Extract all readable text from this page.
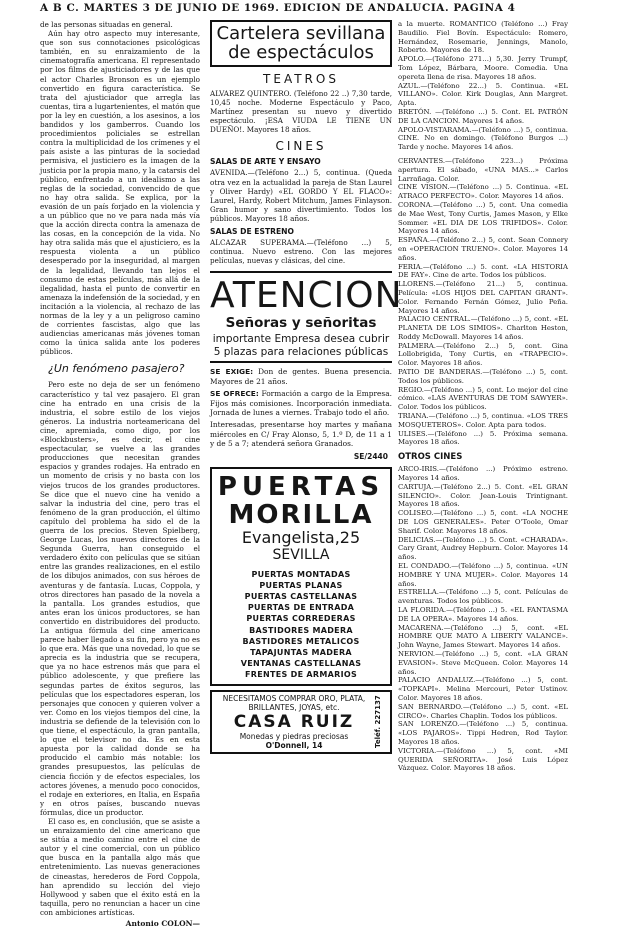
A B C. MARTES 3 DE JUNIO DE 1969. EDICION DE ANDALUCIA. PAGINA 4

de las personas situadas en general.

Aún hay otro aspecto muy interesante, que son sus connotaciones psicológicas también, en su enraizamiento de la cinematografía americana. El representado por los films de ajusticiadores y de las que el actor Charles Bronson es un ejemplo convertido en figura característica. Se trata del ajusticiador que arregla las cuentas, tira a lugartenientes, el matón que por la ley en cuestión, a los asesinos, a los bandidos y los gamberros. Cuando los procedimientos policiales se estrellan contra la multiplicidad de los crímenes y el país asiste a las pinturas de la sociedad permisiva, el justiciero es la imagen de la justicia por la propia mano, y la catarsis del público, enfrentado a un idealismo a las reglas de la sociedad, convencido de que no hay otra salida. Se explica, por la evasión de un país forjado en la violencia y a un público que no ve para nada más vía que la acción directa contra la amenaza de las cosas, en la concepción de la vida. No hay otra salida más que el ajusticiero, es la respuesta violenta a un público desesperado por la inseguridad, al margen de la legalidad, llevando tan lejos el consumo de estas películas, más allá de la ilegalidad, hasta el punto de convertir en amenaza la indefensión de la sociedad, y en incitación a la violencia, al rechazo de las normas de la ley y a un peligroso camino de corrientes fascistas, algo que las audiencias americanas más jóvenes toman como la única salida ante los poderes públicos.

¿Un fenómeno pasajero?

Pero este no deja de ser un fenómeno característico y tal vez pasajero. El gran cine ha entrado en una crisis de la industria, el sobre estilo de los viejos géneros. La industria norteamericana del cine, apremiada, como digo, por los «Blockbusters», es decir, el cine espectacular, se vuelve a las grandes producciones que necesitan grandes espacios y grandes rodajes. Ha entrado en un momento de crisis y no basta con los viejos trucos de los grandes productores. Se dice que el nuevo cine ha venido a salvar la industria del cine, pero tras el fenómeno de la gran producción, el último capítulo del problema ha sido el de la guerra de los precios. Steven Spielberg, George Lucas, los nuevos directores de la Segunda Guerra, han conseguido el verdadero éxito con películas que se sitúan entre las grandes realizaciones, en el estilo de los dibujos animados, con sus héroes de aventuras y de fantasía. Lucas, Coppola, y otros directores han pasado de la novela a la pantalla. Los grandes estudios, que antes eran los únicos productores, se han convertido en distribuidores del producto. La antigua fórmula del cine americano parece haber llegado a su fin, pero ya no es lo que era. Más que una novedad, lo que se aprecia es la industria que se recupera, que ya no hace estrenos más que para el público adolescente, y que prefiere las segundas partes de éxitos seguros, las películas que los espectadores esperan, los personajes que conocen y quieren volver a ver. Como en los viejos tiempos del cine, la industria se defiende de la televisión con lo que tiene, el espectáculo, la gran pantalla, lo que el televisor no da. Es en esta apuesta por la calidad donde se ha producido el cambio más notable: los grandes presupuestos, las películas de ciencia ficción y de efectos especiales, los actores jóvenes, a menudo poco conocidos, el rodaje en exteriores, en Italia, en España y en otros países, buscando nuevas fórmulas, dice un productor.

El caso es, en conclusión, que se asiste a un enraizamiento del cine americano que se sitúa a medio camino entre el cine de autor y el cine comercial, con un público que busca en la pantalla algo más que entretenimiento. Las nuevas generaciones de cineastas, herederos de Ford Coppola, han aprendido su lección del viejo Hollywood y saben que el éxito está en la taquilla, pero no renuncian a hacer un cine con ambiciones artísticas.

Antonio COLON—
Cartelera sevillana de espectáculos
TEATROS

ALVAREZ QUINTERO. (Teléfono 22 ..) 7,30 tarde, 10,45 noche. Moderne Espectáculo y Paco, Martínez presentan su nuevo y divertido espectáculo. ¡ESA VIUDA LE TIENE UN DUEÑO!. Mayores 18 años.

CINES
SALAS DE ARTE Y ENSAYO

AVENIDA.—(Teléfono 2...) 5, continua. (Queda otra vez en la actualidad la pareja de Stan Laurel y Oliver Hardy) «EL GORDO Y EL FLACO»: Laurel, Hardy, Robert Mitchum, James Finlayson. Gran humor y sano divertimiento. Todos los públicos. Mayores 18 años.

SALAS DE ESTRENO

ALCAZAR SUPERAMA.—(Teléfono ...) 5, continua. Nuevo estreno. Con las mejores películas, nuevas y clásicas, del cine.

ATENCION
Señoras y señoritas
importante Empresa desea cubrir 5 plazas para relaciones públicas

SE EXIGE: Don de gentes. Buena presencia. Mayores de 21 años.

SE OFRECE: Formación a cargo de la Empresa. Fijos más comisiones. Incorporación inmediata. Jornada de lunes a viernes. Trabajo todo el año.

Interesadas, presentarse hoy martes y mañana miércoles en C/ Fray Alonso, 5, 1.º D, de 11 a 1 y de 5 a 7; atenderá señora Granados.

SE/2440
PUERTAS
MORILLA
Evangelista,25
SEVILLA
PUERTAS MONTADAS
PUERTAS PLANAS
PUERTAS CASTELLANAS
PUERTAS DE ENTRADA
PUERTAS CORREDERAS
BASTIDORES MADERA
BASTIDORES METALICOS
TAPAJUNTAS MADERA
VENTANAS CASTELLANAS
FRENTES DE ARMARIOS
NECESITAMOS COMPRAR ORO, PLATA, BRILLANTES, JOYAS, etc.
CASA RUIZ
Monedas y piedras preciosas
O'Donnell, 14	Teléf. 227137

a la muerte. ROMANTICO (Teléfono ...) Fray Baudilio. Fiel Bovín. Espectáculo: Romero, Hernández, Rosemarie, Jennings, Manolo, Roberto. Mayores de 18.
APOLO.—(Teléfono 271...) 5,30. Jerry Trumpf, Tom López, Bárbara, Moore. Comedia. Una opereta llena de risa. Mayores 18 años.
AZUL.—(Teléfono 22...) 5. Continua. «EL VILLANO». Color. Kirk Douglas, Ann Margret. Apta.
BRETÓN. —(Teléfono ...) 5. Cont. EL PATRÓN DE LA CANCION. Mayores 14 años.
APOLO-VISTARAMA.—(Teléfono ...) 5, continua. CINE. No en domingo. (Teléfono Burgos ...) Tarde y noche. Mayores 14 años.

CERVANTES.—(Teléfono 223...) Próxima apertura. El sábado, «UNA MAS...» Carlos Larrañaga. Color.
CINE VISION.—(Teléfono ...) 5. Continua. «EL ATRACO PERFECTO». Color. Mayores 14 años.
CORONA.—(Teléfono ...) 5, cont. Una comedia de Mae West, Tony Curtis, James Mason, y Elke Sommer. «EL DIA DE LOS TRIFIDOS». Color. Mayores 14 años.
ESPAÑA.—(Teléfono 2...) 5, cont. Sean Connery en «OPERACION TRUENO». Color. Mayores 14 años.
FERIA.—(Teléfono ...) 5. cont. «LA HISTORIA DE FAY». Cine de arte. Todos los públicos.
LLORENS.—(Teléfono 21...) 5, continua. Película: «LOS HIJOS DEL CAPITAN GRANT». Color. Fernando Fernán Gómez, Julio Peña. Mayores 14 años.
PALACIO CENTRAL.—(Teléfono ...) 5, cont. «EL PLANETA DE LOS SIMIOS». Charlton Heston, Roddy McDowall. Mayores 14 años.
PALMERA.—(Teléfono 2...) 5, cont. Gina Lollobrigida, Tony Curtis, en «TRAPECIO». Color. Mayores 18 años.
PATIO DE BANDERAS.—(Teléfono ...) 5, cont. Todos los públicos.
REGIO.—(Teléfono ...) 5, cont. Lo mejor del cine cómico. «LAS AVENTURAS DE TOM SAWYER». Color. Todos los públicos.
TRIANA.—(Teléfono ...) 5, continua. «LOS TRES MOSQUETEROS». Color. Apta para todos.
ULISES.—(Teléfono ...) 5. Próxima semana. Mayores 18 años.

OTROS CINES

ARCO-IRIS.—(Teléfono ...) Próximo estreno. Mayores 14 años.
CARTUJA.—(Teléfono 2...) 5. Cont. «EL GRAN SILENCIO». Color. Jean-Louis Trintignant. Mayores 18 años.
COLISEO.—(Teléfono ...) 5, cont. «LA NOCHE DE LOS GENERALES». Peter O'Toole, Omar Sharif. Color. Mayores 18 años.
DELICIAS.—(Teléfono ...) 5. Cont. «CHARADA». Cary Grant, Audrey Hepburn. Color. Mayores 14 años.
EL CONDADO.—(Teléfono ...) 5, continua. «UN HOMBRE Y UNA MUJER». Color. Mayores 14 años.
ESTRELLA.—(Teléfono ...) 5, cont. Películas de aventuras. Todos los públicos.
LA FLORIDA.—(Teléfono ...) 5. «EL FANTASMA DE LA OPERA». Mayores 14 años.
MACARENA.—(Teléfono ...) 5, cont. «EL HOMBRE QUE MATO A LIBERTY VALANCE». John Wayne, James Stewart. Mayores 14 años.
NERVION.—(Teléfono ...) 5, cont. «LA GRAN EVASION». Steve McQueen. Color. Mayores 14 años.
PALACIO ANDALUZ.—(Teléfono ...) 5, cont. «TOPKAPI». Melina Mercouri, Peter Ustinov. Color. Mayores 18 años.
SAN BERNARDO.—(Teléfono ...) 5, cont. «EL CIRCO». Charles Chaplin. Todos los públicos.
SAN LORENZO.—(Teléfono ...) 5, continua. «LOS PAJAROS». Tippi Hedren, Rod Taylor. Mayores 18 años.
VICTORIA.—(Teléfono ...) 5, cont. «MI QUERIDA SEÑORITA». José Luis López Vázquez. Color. Mayores 18 años.
